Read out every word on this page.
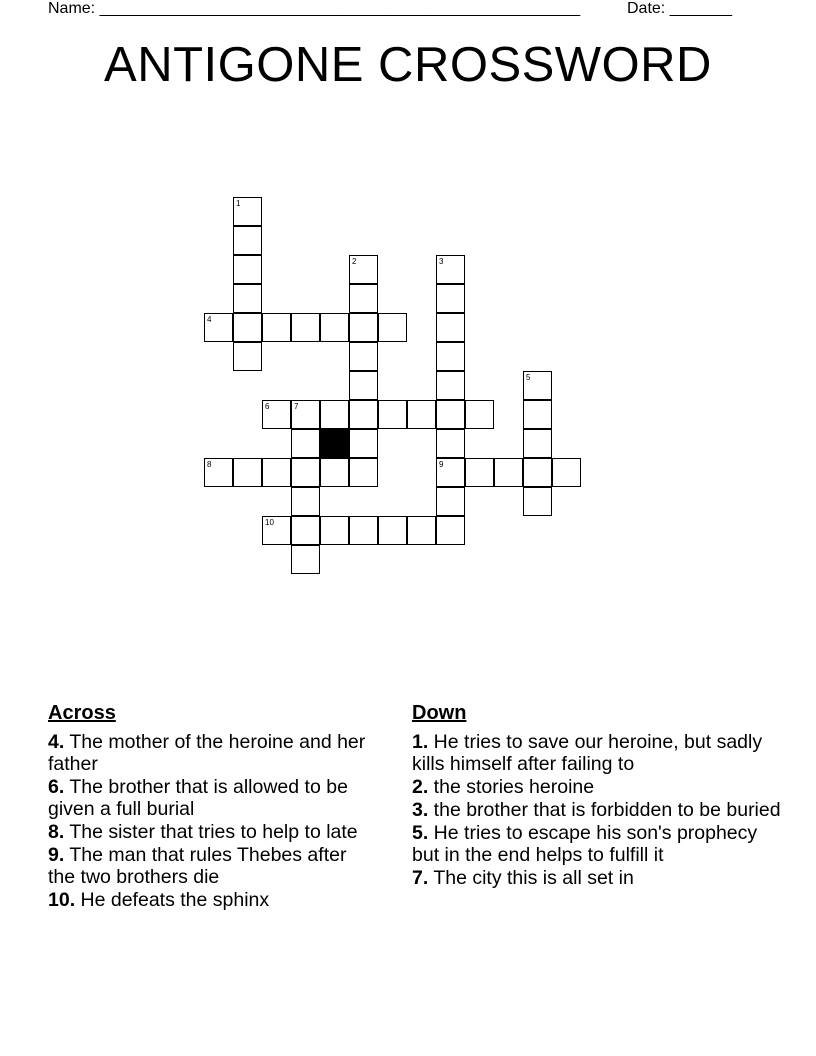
Name: ______________________________________________________	Date: _______
ANTIGONE CROSSWORD
1
4
2	3
9
5
6	7
8
10
Across
4. The mother of the heroine and her father
6. The brother that is allowed to be given a full burial
8. The sister that tries to help to late
9. The man that rules Thebes after the two brothers die
10. He defeats the sphinx
Down
1. He tries to save our heroine, but sadly kills himself after failing to
2. the stories heroine
3. the brother that is forbidden to be buried
5. He tries to escape his son's prophecy but in the end helps to fulfill it
7. The city this is all set in
